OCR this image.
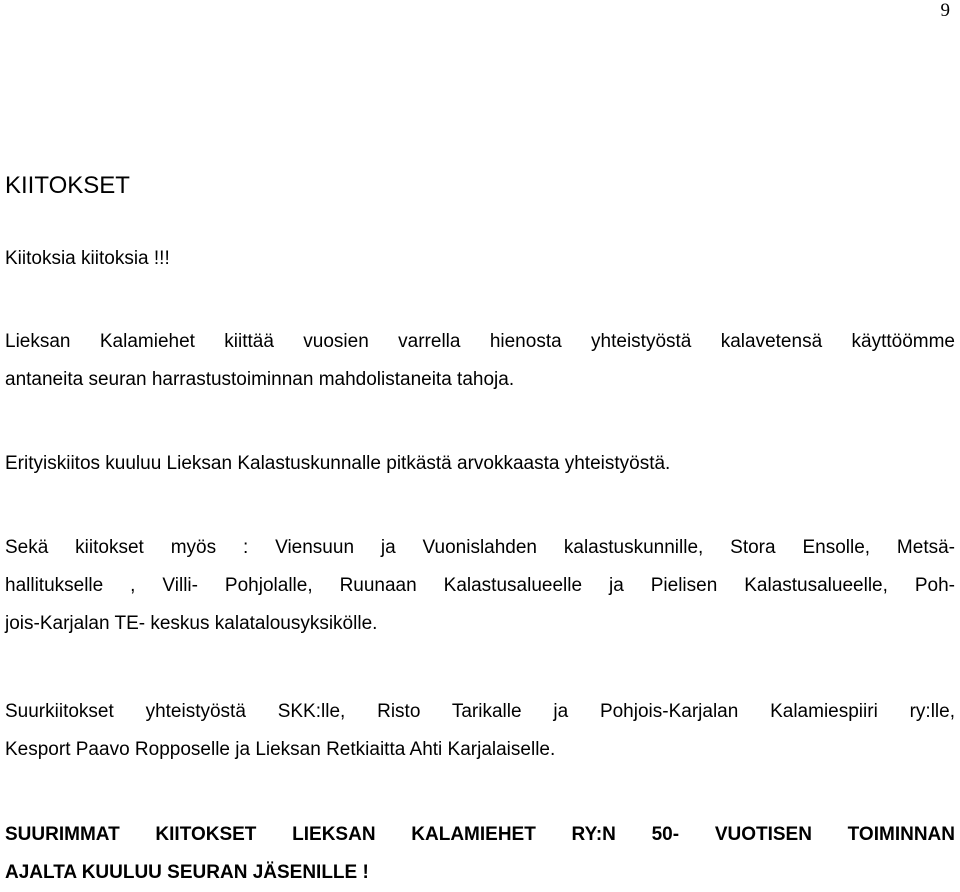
9
KIITOKSET
Kiitoksia kiitoksia !!!
Lieksan Kalamiehet kiittää vuosien varrella hienosta yhteistyöstä kalavetensä käyttöömme
antaneita seuran harrastustoiminnan mahdolistaneita tahoja.
Erityiskiitos kuuluu Lieksan Kalastuskunnalle pitkästä arvokkaasta yhteistyöstä.
Sekä kiitokset myös : Viensuun ja Vuonislahden kalastuskunnille, Stora Ensolle, Metsä-
hallitukselle , Villi- Pohjolalle, Ruunaan Kalastusalueelle ja Pielisen Kalastusalueelle, Poh-
jois-Karjalan TE- keskus kalatalousyksikölle.
Suurkiitokset yhteistyöstä SKK:lle, Risto Tarikalle ja Pohjois-Karjalan Kalamiespiiri ry:lle,
Kesport Paavo Ropposelle ja Lieksan Retkiaitta Ahti Karjalaiselle.
SUURIMMAT KIITOKSET LIEKSAN KALAMIEHET RY:N 50- VUOTISEN TOIMINNAN
AJALTA KUULUU SEURAN JÄSENILLE !
